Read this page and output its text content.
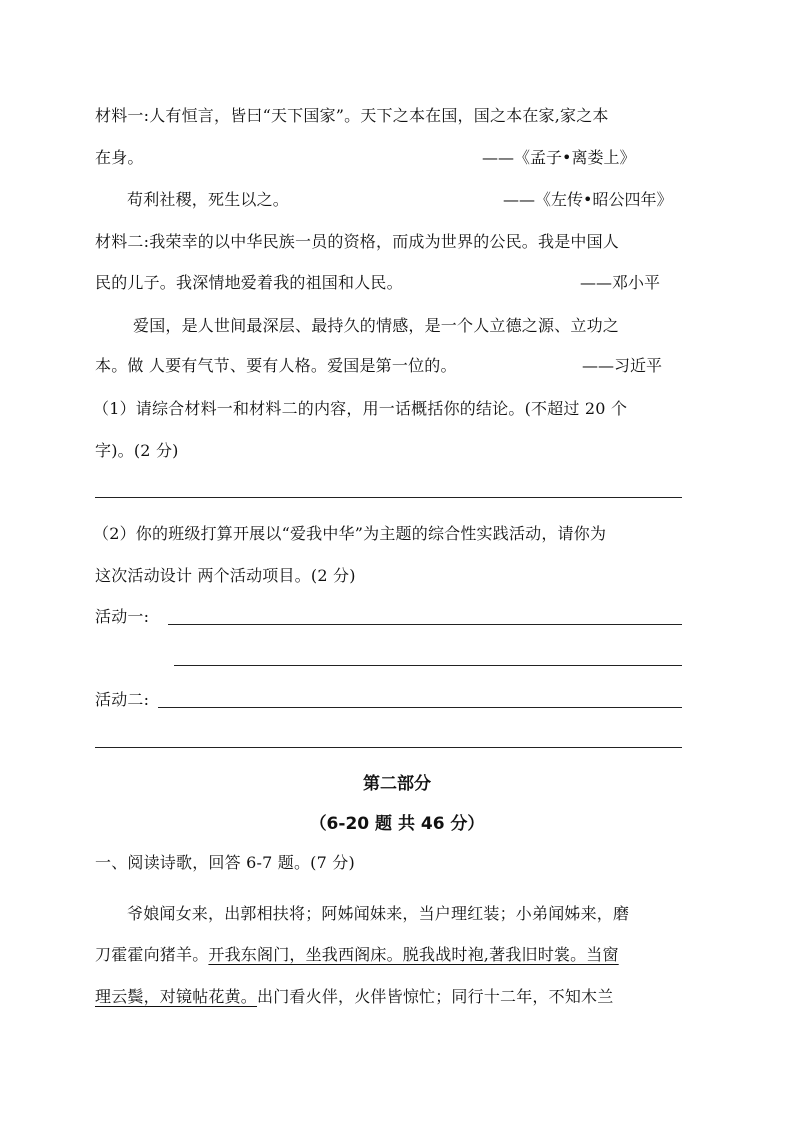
材料一:人有恒言，皆曰“天下国家”。天下之本在国，国之本在家,家之本
在身。	——《孟子•离娄上》
苟利社稷，死生以之。	——《左传•昭公四年》
材料二:我荣幸的以中华民族一员的资格，而成为世界的公民。我是中国人
民的儿子。我深情地爱着我的祖国和人民。	——邓小平
爱国，是人世间最深层、最持久的情感，是一个人立德之源、立功之
本。做 人要有气节、要有人格。爱国是第一位的。	——习近平
（1）请综合材料一和材料二的内容，用一话概括你的结论。(不超过 20 个
字)。(2 分)
（2）你的班级打算开展以“爱我中华”为主题的综合性实践活动，请你为
这次活动设计 两个活动项目。(2 分)
活动一:
活动二:
第二部分
（6-20 题 共 46 分）
一、阅读诗歌，回答 6-7 题。(7 分)
爷娘闻女来，出郭相扶将；阿姊闻妹来，当户理红装；小弟闻姊来，磨
刀霍霍向猪羊。开我东阁门，坐我西阁床。脱我战时袍,著我旧时裳。当窗
理云鬓，对镜帖花黄。出门看火伴，火伴皆惊忙；同行十二年，不知木兰
